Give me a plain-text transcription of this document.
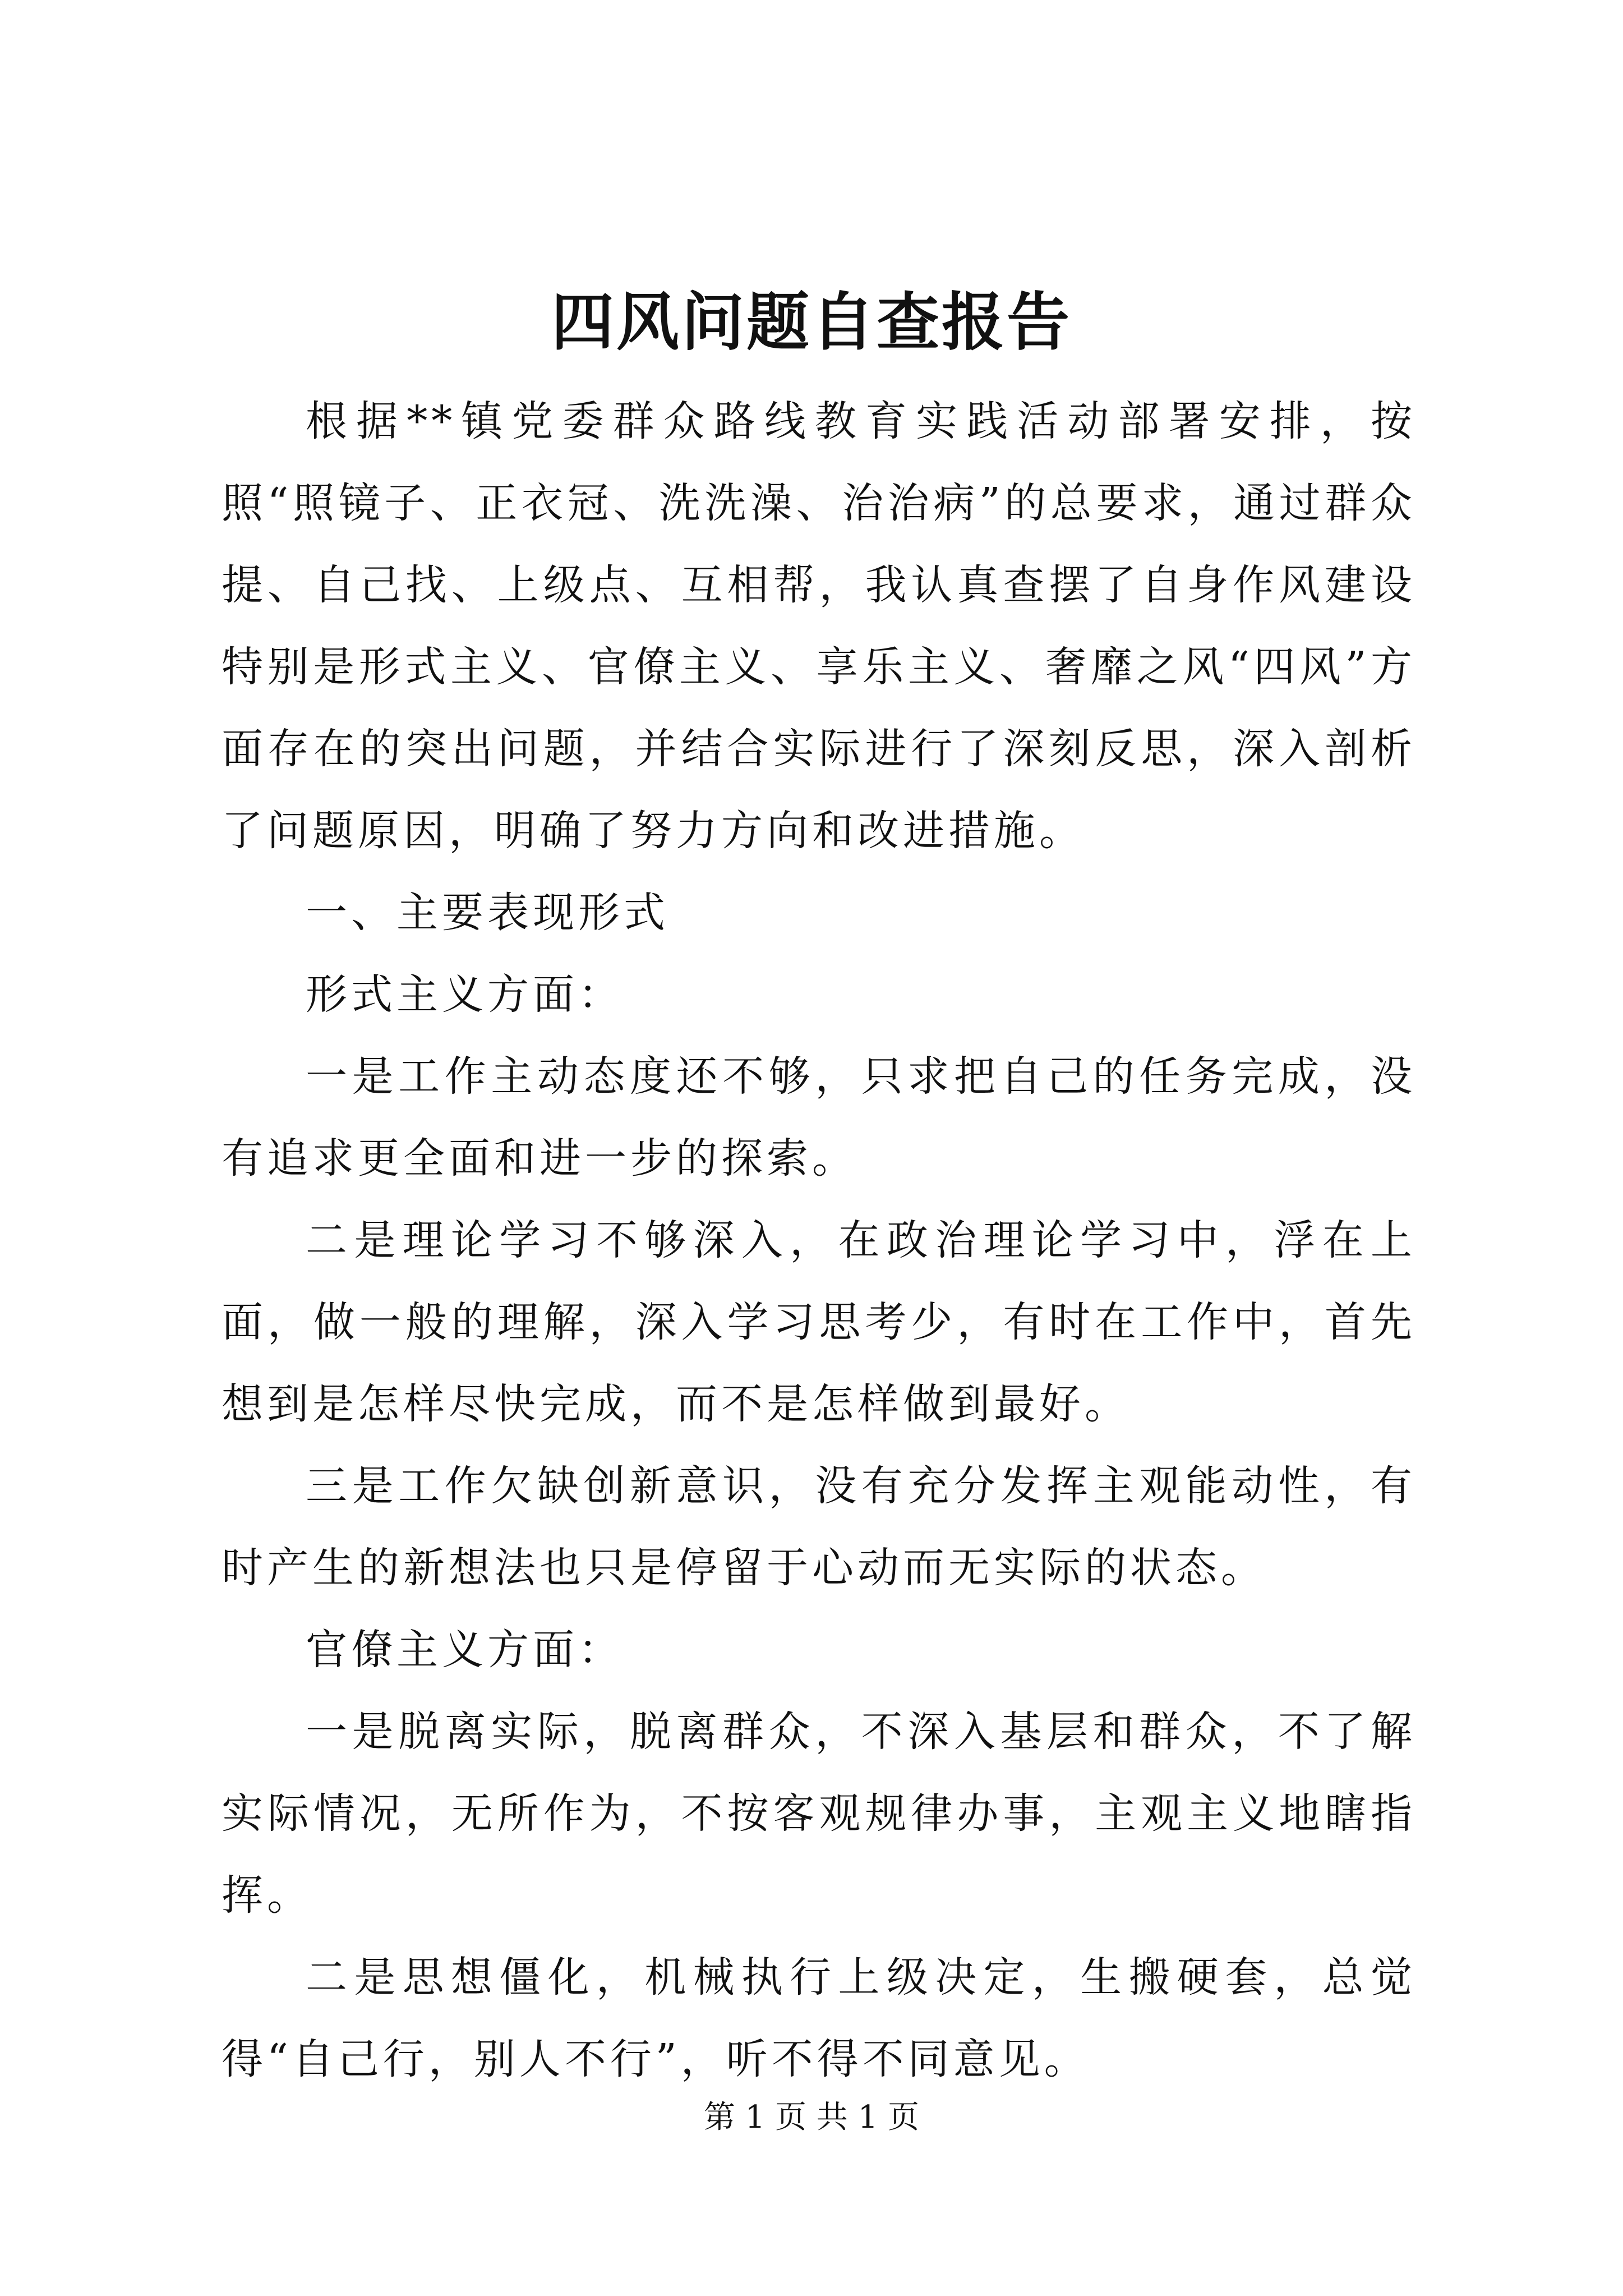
四风问题自查报告

根据**镇党委群众路线教育实践活动部署安排，按照“照镜子、正衣冠、洗洗澡、治治病”的总要求，通过群众提、自己找、上级点、互相帮，我认真查摆了自身作风建设特别是形式主义、官僚主义、享乐主义、奢靡之风“四风”方面存在的突出问题，并结合实际进行了深刻反思，深入剖析了问题原因，明确了努力方向和改进措施。

一、主要表现形式

形式主义方面：

一是工作主动态度还不够，只求把自己的任务完成，没有追求更全面和进一步的探索。

二是理论学习不够深入，在政治理论学习中，浮在上面，做一般的理解，深入学习思考少，有时在工作中，首先想到是怎样尽快完成，而不是怎样做到最好。

三是工作欠缺创新意识，没有充分发挥主观能动性，有时产生的新想法也只是停留于心动而无实际的状态。

官僚主义方面：

一是脱离实际，脱离群众，不深入基层和群众，不了解实际情况，无所作为，不按客观规律办事，主观主义地瞎指挥。

二是思想僵化，机械执行上级决定，生搬硬套，总觉得“自己行，别人不行”，听不得不同意见。

第 1 页 共 1 页
